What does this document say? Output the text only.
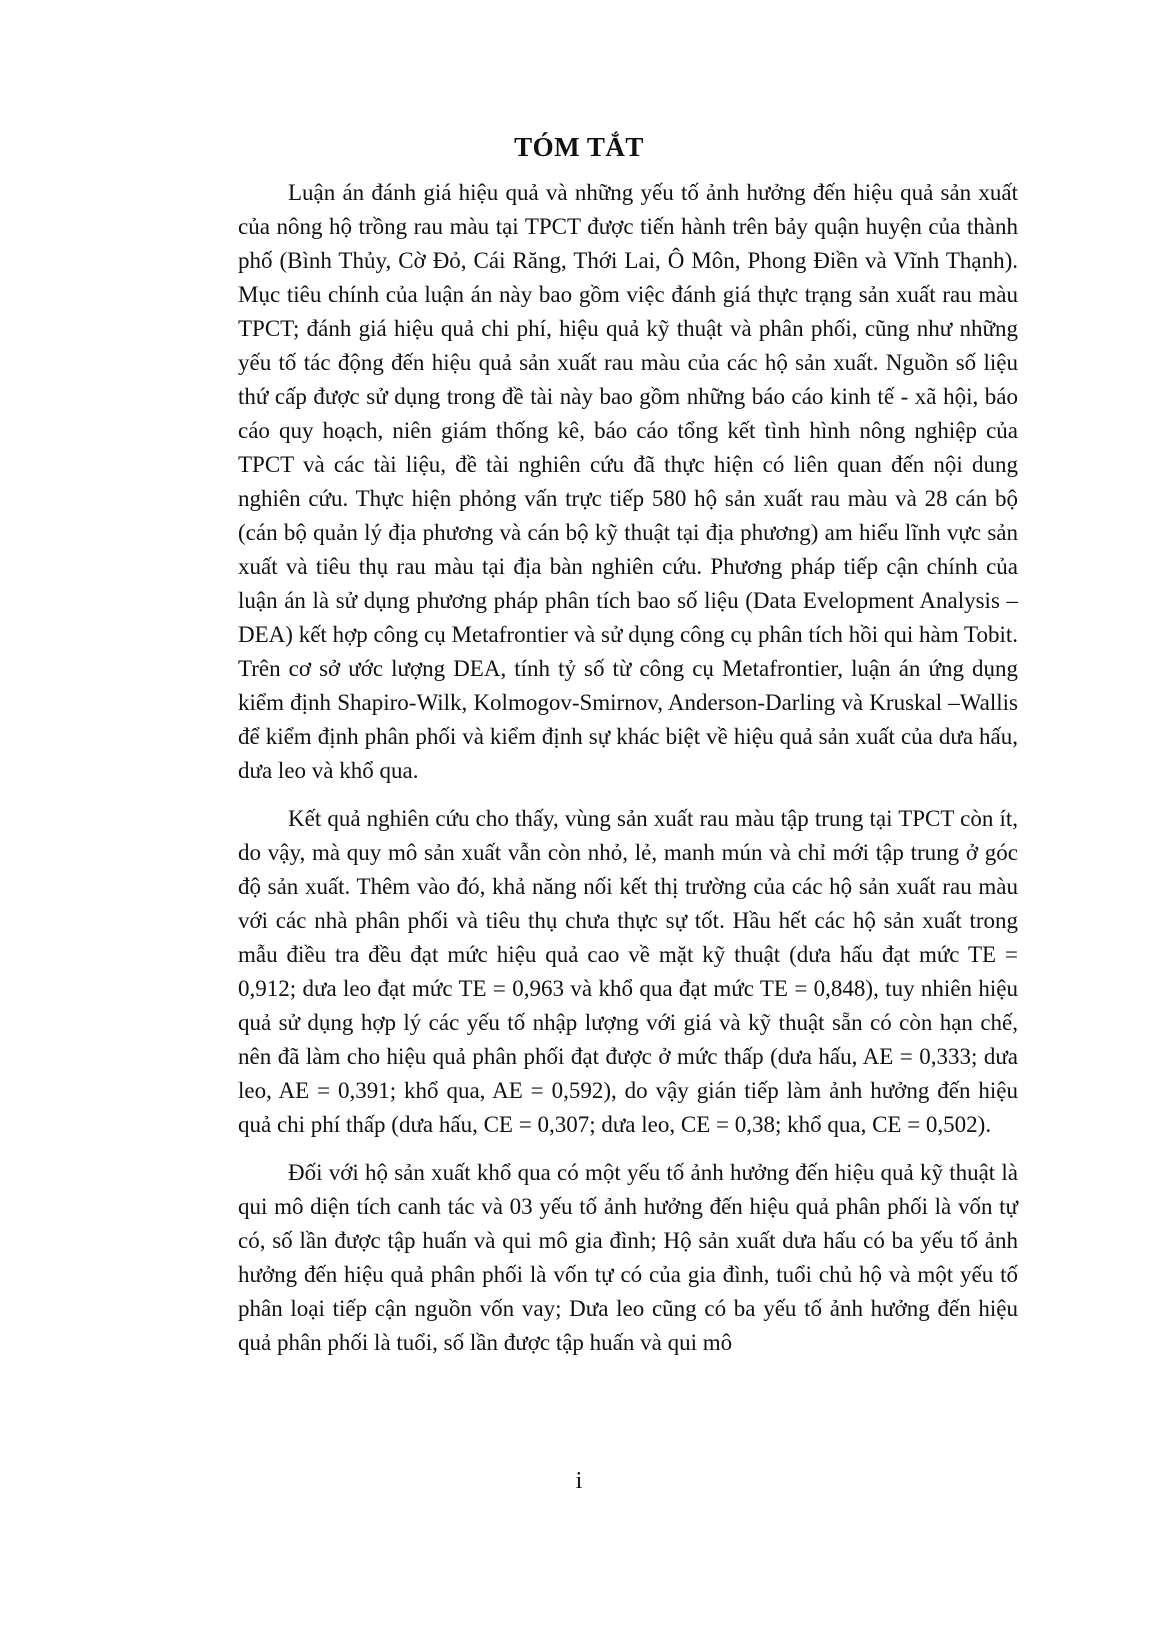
TÓM TẮT

Luận án đánh giá hiệu quả và những yếu tố ảnh hưởng đến hiệu quả sản xuất của nông hộ trồng rau màu tại TPCT được tiến hành trên bảy quận huyện của thành phố (Bình Thủy, Cờ Đỏ, Cái Răng, Thới Lai, Ô Môn, Phong Điền và Vĩnh Thạnh). Mục tiêu chính của luận án này bao gồm việc đánh giá thực trạng sản xuất rau màu TPCT; đánh giá hiệu quả chi phí, hiệu quả kỹ thuật và phân phối, cũng như những yếu tố tác động đến hiệu quả sản xuất rau màu của các hộ sản xuất. Nguồn số liệu thứ cấp được sử dụng trong đề tài này bao gồm những báo cáo kinh tế - xã hội, báo cáo quy hoạch, niên giám thống kê, báo cáo tổng kết tình hình nông nghiệp của TPCT và các tài liệu, đề tài nghiên cứu đã thực hiện có liên quan đến nội dung nghiên cứu. Thực hiện phỏng vấn trực tiếp 580 hộ sản xuất rau màu và 28 cán bộ (cán bộ quản lý địa phương và cán bộ kỹ thuật tại địa phương) am hiểu lĩnh vực sản xuất và tiêu thụ rau màu tại địa bàn nghiên cứu. Phương pháp tiếp cận chính của luận án là sử dụng phương pháp phân tích bao số liệu (Data Evelopment Analysis –DEA) kết hợp công cụ Metafrontier và sử dụng công cụ phân tích hồi qui hàm Tobit. Trên cơ sở ước lượng DEA, tính tỷ số từ công cụ Metafrontier, luận án ứng dụng kiểm định Shapiro-Wilk, Kolmogov-Smirnov, Anderson-Darling và Kruskal –Wallis để kiểm định phân phối và kiểm định sự khác biệt về hiệu quả sản xuất của dưa hấu, dưa leo và khổ qua.

Kết quả nghiên cứu cho thấy, vùng sản xuất rau màu tập trung tại TPCT còn ít, do vậy, mà quy mô sản xuất vẫn còn nhỏ, lẻ, manh mún và chỉ mới tập trung ở góc độ sản xuất. Thêm vào đó, khả năng nối kết thị trường của các hộ sản xuất rau màu với các nhà phân phối và tiêu thụ chưa thực sự tốt. Hầu hết các hộ sản xuất trong mẫu điều tra đều đạt mức hiệu quả cao về mặt kỹ thuật (dưa hấu đạt mức TE = 0,912; dưa leo đạt mức TE = 0,963 và khổ qua đạt mức TE = 0,848), tuy nhiên hiệu quả sử dụng hợp lý các yếu tố nhập lượng với giá và kỹ thuật sẵn có còn hạn chế, nên đã làm cho hiệu quả phân phối đạt được ở mức thấp (dưa hấu, AE = 0,333; dưa leo, AE = 0,391; khổ qua, AE = 0,592), do vậy gián tiếp làm ảnh hưởng đến hiệu quả chi phí thấp (dưa hấu, CE = 0,307; dưa leo, CE = 0,38; khổ qua, CE = 0,502).

Đối với hộ sản xuất khổ qua có một yếu tố ảnh hưởng đến hiệu quả kỹ thuật là qui mô diện tích canh tác và 03 yếu tố ảnh hưởng đến hiệu quả phân phối là vốn tự có, số lần được tập huấn và qui mô gia đình; Hộ sản xuất dưa hấu có ba yếu tố ảnh hưởng đến hiệu quả phân phối là vốn tự có của gia đình, tuổi chủ hộ và một yếu tố phân loại tiếp cận nguồn vốn vay; Dưa leo cũng có ba yếu tố ảnh hưởng đến hiệu quả phân phối là tuổi, số lần được tập huấn và qui mô

i
